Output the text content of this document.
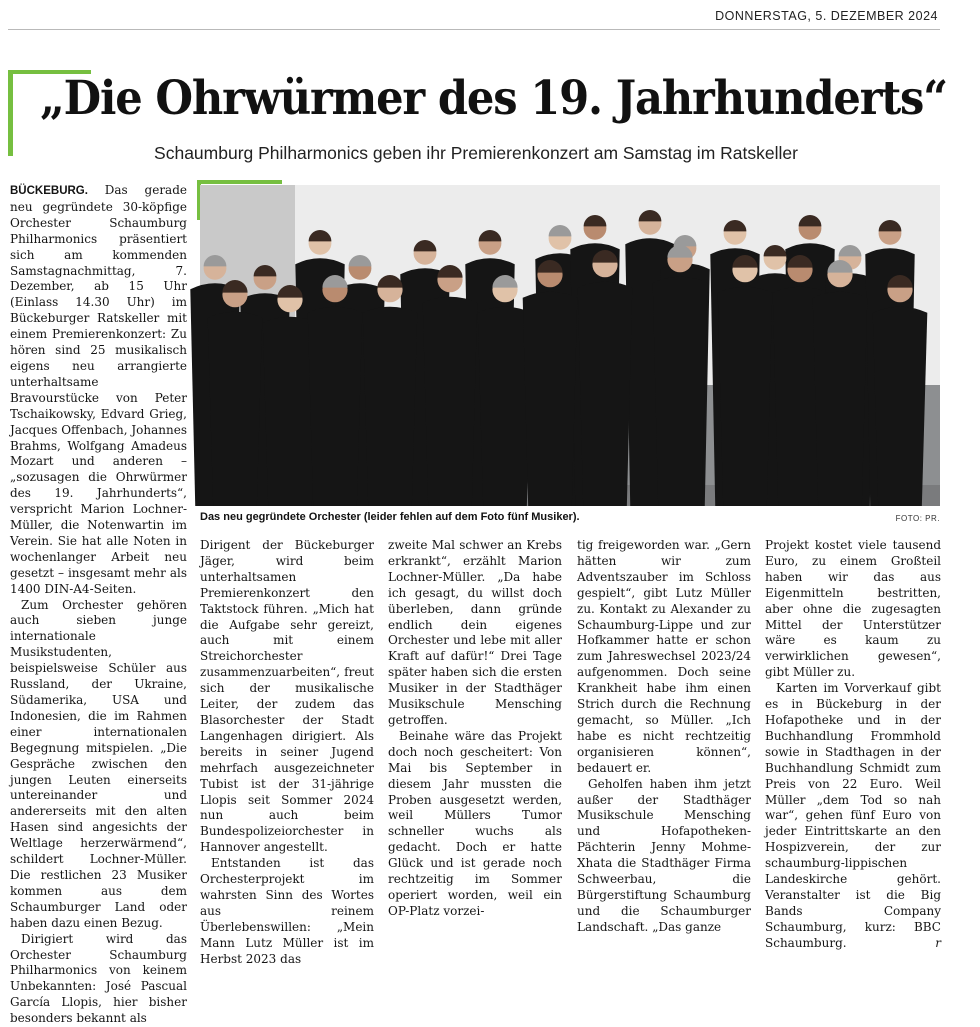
DONNERSTAG, 5. DEZEMBER 2024
„Die Ohrwürmer des 19. Jahrhunderts“
Schaumburg Philharmonics geben ihr Premierenkonzert am Samstag im Ratskeller

BÜCKEBURG. Das gerade neu gegründete 30-köpfige Orchester Schaumburg Philharmonics präsentiert sich am kommenden Samstagnachmittag, 7. Dezember, ab 15 Uhr (Einlass 14.30 Uhr) im Bückeburger Ratskeller mit einem Premierenkonzert: Zu hören sind 25 musikalisch eigens neu arrangierte unterhaltsame Bravourstücke von Peter Tschaikowsky, Edvard Grieg, Jacques Offenbach, Johannes Brahms, Wolfgang Amadeus Mozart und anderen – „sozusagen die Ohrwürmer des 19. Jahrhunderts“, verspricht Marion Lochner-Müller, die Notenwartin im Verein. Sie hat alle Noten in wochenlanger Arbeit neu gesetzt – insgesamt mehr als 1400 DIN-A4-Seiten.

Zum Orchester gehören auch sieben junge internationale Musikstudenten, beispielsweise Schüler aus Russland, der Ukraine, Südamerika, USA und Indonesien, die im Rahmen einer internationalen Begegnung mitspielen. „Die Gespräche zwischen den jungen Leuten einerseits untereinander und andererseits mit den alten Hasen sind angesichts der Weltlage herzerwärmend“, schildert Lochner-Müller. Die restlichen 23 Musiker kommen aus dem Schaumburger Land oder haben dazu einen Bezug.

Dirigiert wird das Orchester Schaumburg Philharmonics von keinem Unbekannten: José Pascual García Llopis, hier bisher besonders bekannt als

Das neu gegründete Orchester (leider fehlen auf dem Foto fünf Musiker).	FOTO: PR.

Dirigent der Bückeburger Jäger, wird beim unterhaltsamen Premierenkonzert den Taktstock führen. „Mich hat die Aufgabe sehr gereizt, auch mit einem Streichorchester zusammenzuarbeiten“, freut sich der musikalische Leiter, der zudem das Blasorchester der Stadt Langenhagen dirigiert. Als bereits in seiner Jugend mehrfach ausgezeichneter Tubist ist der 31-jährige Llopis seit Sommer 2024 nun auch beim Bundespolizeiorchester in Hannover angestellt.

Entstanden ist das Orchesterprojekt im wahrsten Sinn des Wortes aus reinem Überlebenswillen: „Mein Mann Lutz Müller ist im Herbst 2023 das

zweite Mal schwer an Krebs erkrankt“, erzählt Marion Lochner-Müller. „Da habe ich gesagt, du willst doch überleben, dann gründe endlich dein eigenes Orchester und lebe mit aller Kraft auf dafür!“ Drei Tage später haben sich die ersten Musiker in der Stadthäger Musikschule Mensching getroffen.

Beinahe wäre das Projekt doch noch gescheitert: Von Mai bis September in diesem Jahr mussten die Proben ausgesetzt werden, weil Müllers Tumor schneller wuchs als gedacht. Doch er hatte Glück und ist gerade noch rechtzeitig im Sommer operiert worden, weil ein OP-Platz vorzei-

tig freigeworden war. „Gern hätten wir zum Adventszauber im Schloss gespielt“, gibt Lutz Müller zu. Kontakt zu Alexander zu Schaumburg-Lippe und zur Hofkammer hatte er schon zum Jahreswechsel 2023/24 aufgenommen. Doch seine Krankheit habe ihm einen Strich durch die Rechnung gemacht, so Müller. „Ich habe es nicht rechtzeitig organisieren können“, bedauert er.

Geholfen haben ihm jetzt außer der Stadthäger Musikschule Mensching und Hofapotheken-Pächterin Jenny Mohme-Xhata die Stadthäger Firma Schweerbau, die Bürgerstiftung Schaumburg und die Schaumburger Landschaft. „Das ganze

Projekt kostet viele tausend Euro, zu einem Großteil haben wir das aus Eigenmitteln bestritten, aber ohne die zugesagten Mittel der Unterstützer wäre es kaum zu verwirklichen gewesen“, gibt Müller zu.

Karten im Vorverkauf gibt es in Bückeburg in der Hofapotheke und in der Buchhandlung Frommhold sowie in Stadthagen in der Buchhandlung Schmidt zum Preis von 22 Euro. Weil Müller „dem Tod so nah war“, gehen fünf Euro von jeder Eintrittskarte an den Hospizverein, der zur schaumburg-lippischen Landeskirche gehört. Veranstalter ist die Big Bands Company Schaumburg, kurz: BBC Schaumburg.	r
